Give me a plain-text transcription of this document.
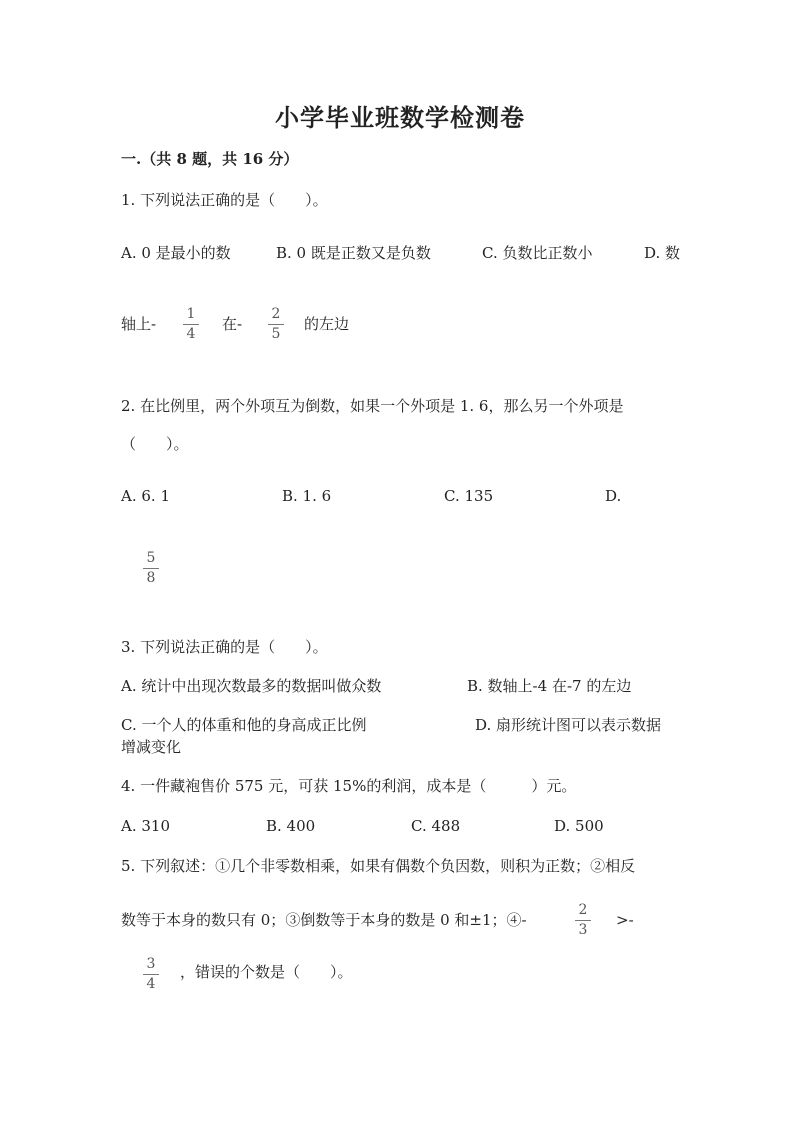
小学毕业班数学检测卷
一.（共 8 题，共 16 分）
1. 下列说法正确的是（　　）。
A. 0 是最小的数	B. 0 既是正数又是负数	C. 负数比正数小	D. 数
轴上-
1
4
在-
2
5
的左边
2. 在比例里，两个外项互为倒数，如果一个外项是 1. 6，那么另一个外项是
（　　）。
A. 6. 1	B. 1. 6	C. 135	D.
5
8
3. 下列说法正确的是（　　）。
A. 统计中出现次数最多的数据叫做众数	B. 数轴上-4 在-7 的左边
C. 一个人的体重和他的身高成正比例	D. 扇形统计图可以表示数据
增减变化
4. 一件藏袍售价 575 元，可获 15%的利润，成本是（　　　）元。
A. 310	B. 400	C. 488	D. 500
5. 下列叙述：①几个非零数相乘，如果有偶数个负因数，则积为正数；②相反
数等于本身的数只有 0；③倒数等于本身的数是 0 和±1；④-
2
3
>-
3
4
，错误的个数是（　　）。
